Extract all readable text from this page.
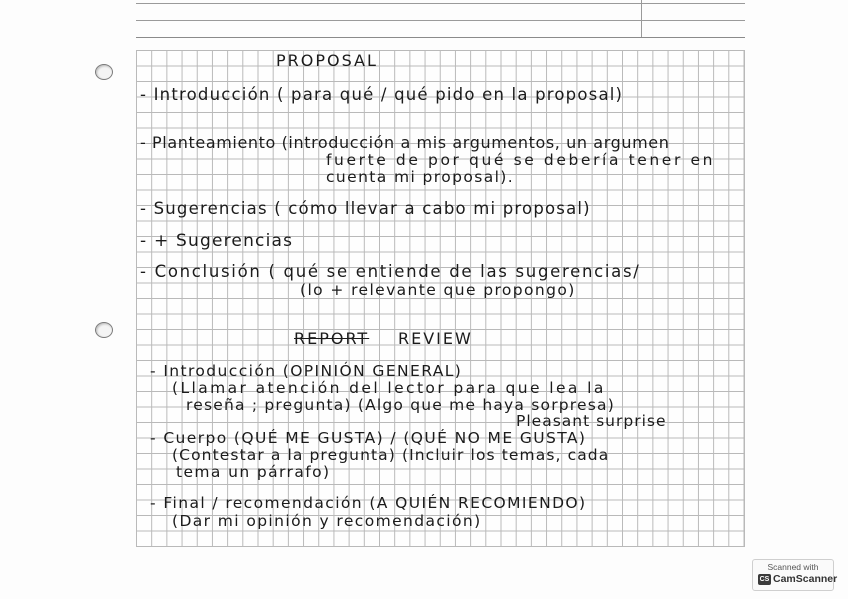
PROPOSAL
- Introducción ( para qué / qué pido en la proposal)
- Planteamiento (introducción a mis argumentos, un argumen
fuerte de por qué se debería tener en
cuenta mi proposal).
- Sugerencias ( cómo llevar a cabo mi proposal)
- + Sugerencias
- Conclusión ( qué se entiende de las sugerencias/
(lo + relevante que propongo)
REPORT REVIEW
- Introducción (OPINIÓN GENERAL)
(Llamar atención del lector para que lea la
reseña ; pregunta) (Algo que me haya sorpresa)
Pleasant surprise
- Cuerpo (QUÉ ME GUSTA) / (QUÉ NO ME GUSTA)
(Contestar a la pregunta) (Incluir los temas, cada
tema un párrafo)
- Final / recomendación (A QUIÉN RECOMIENDO)
(Dar mi opinión y recomendación)
Scanned with
CS CamScanner
